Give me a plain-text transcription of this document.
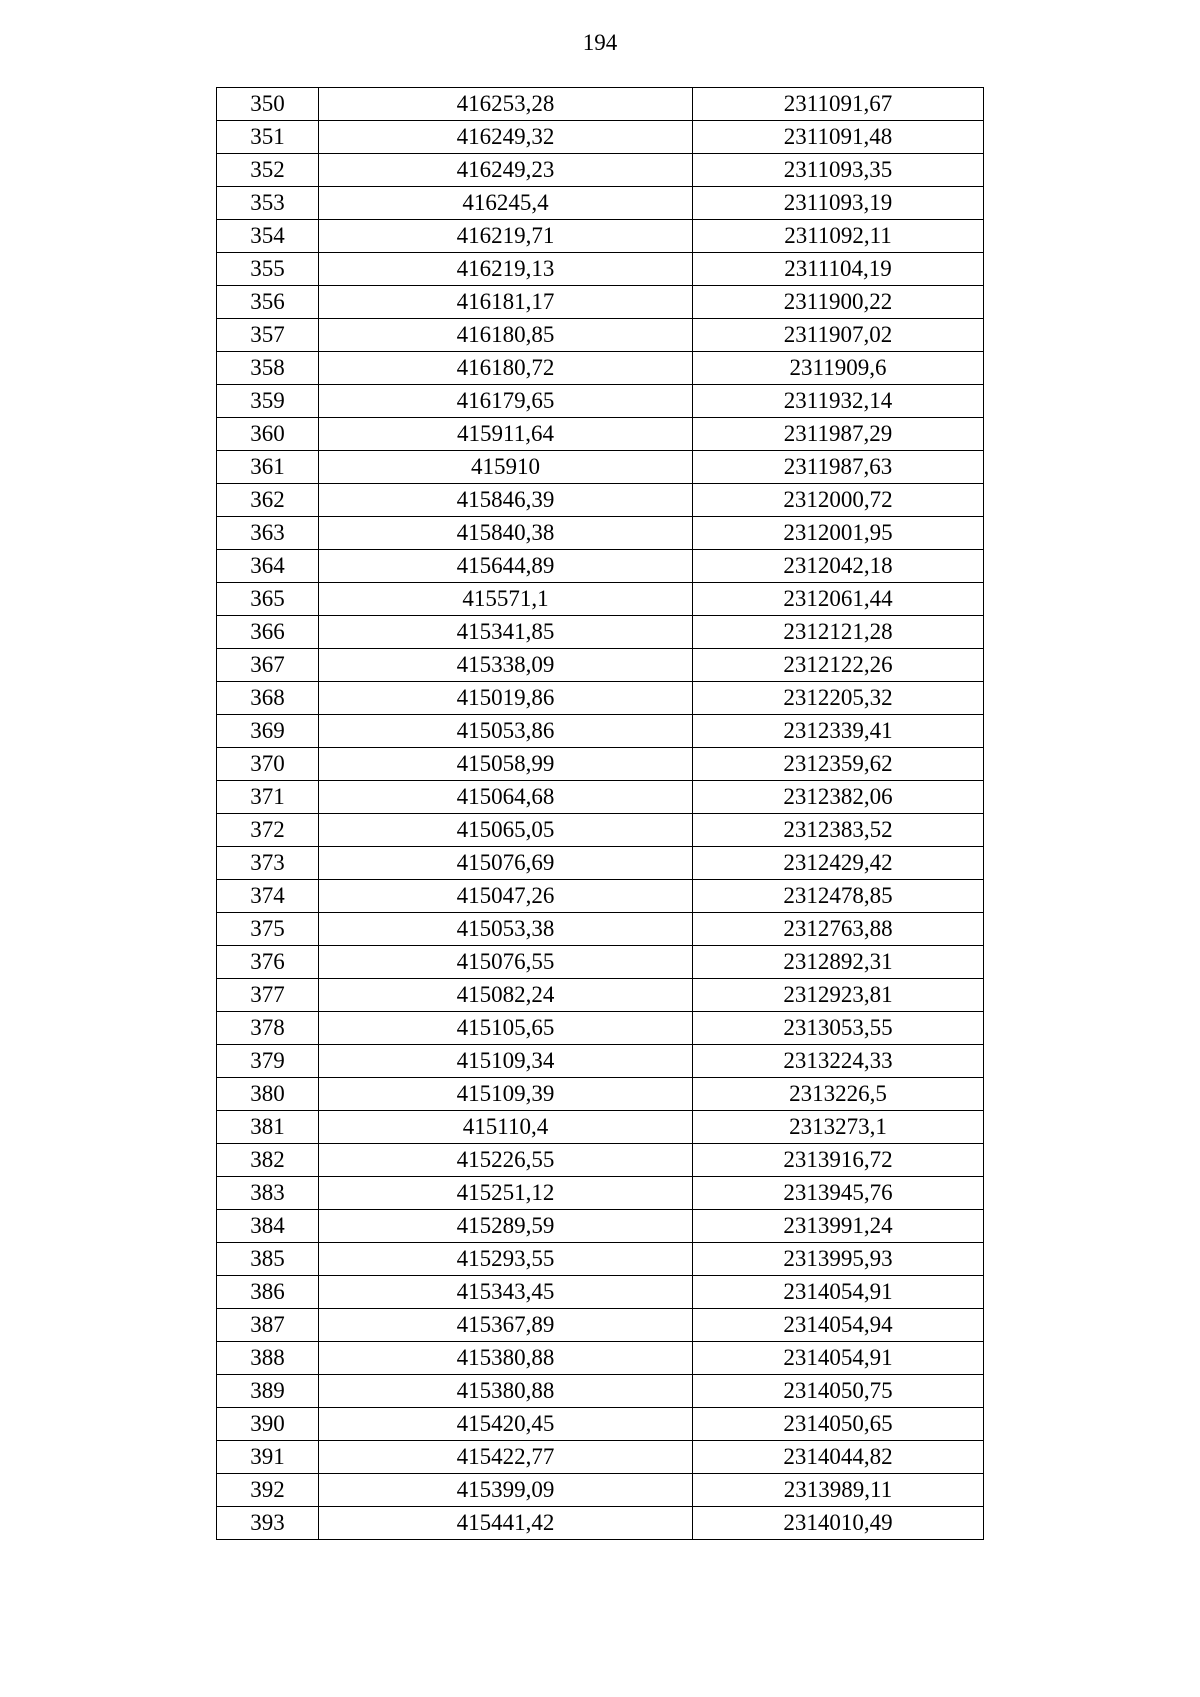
194
350	416253,28	2311091,67
351	416249,32	2311091,48
352	416249,23	2311093,35
353	416245,4	2311093,19
354	416219,71	2311092,11
355	416219,13	2311104,19
356	416181,17	2311900,22
357	416180,85	2311907,02
358	416180,72	2311909,6
359	416179,65	2311932,14
360	415911,64	2311987,29
361	415910	2311987,63
362	415846,39	2312000,72
363	415840,38	2312001,95
364	415644,89	2312042,18
365	415571,1	2312061,44
366	415341,85	2312121,28
367	415338,09	2312122,26
368	415019,86	2312205,32
369	415053,86	2312339,41
370	415058,99	2312359,62
371	415064,68	2312382,06
372	415065,05	2312383,52
373	415076,69	2312429,42
374	415047,26	2312478,85
375	415053,38	2312763,88
376	415076,55	2312892,31
377	415082,24	2312923,81
378	415105,65	2313053,55
379	415109,34	2313224,33
380	415109,39	2313226,5
381	415110,4	2313273,1
382	415226,55	2313916,72
383	415251,12	2313945,76
384	415289,59	2313991,24
385	415293,55	2313995,93
386	415343,45	2314054,91
387	415367,89	2314054,94
388	415380,88	2314054,91
389	415380,88	2314050,75
390	415420,45	2314050,65
391	415422,77	2314044,82
392	415399,09	2313989,11
393	415441,42	2314010,49
